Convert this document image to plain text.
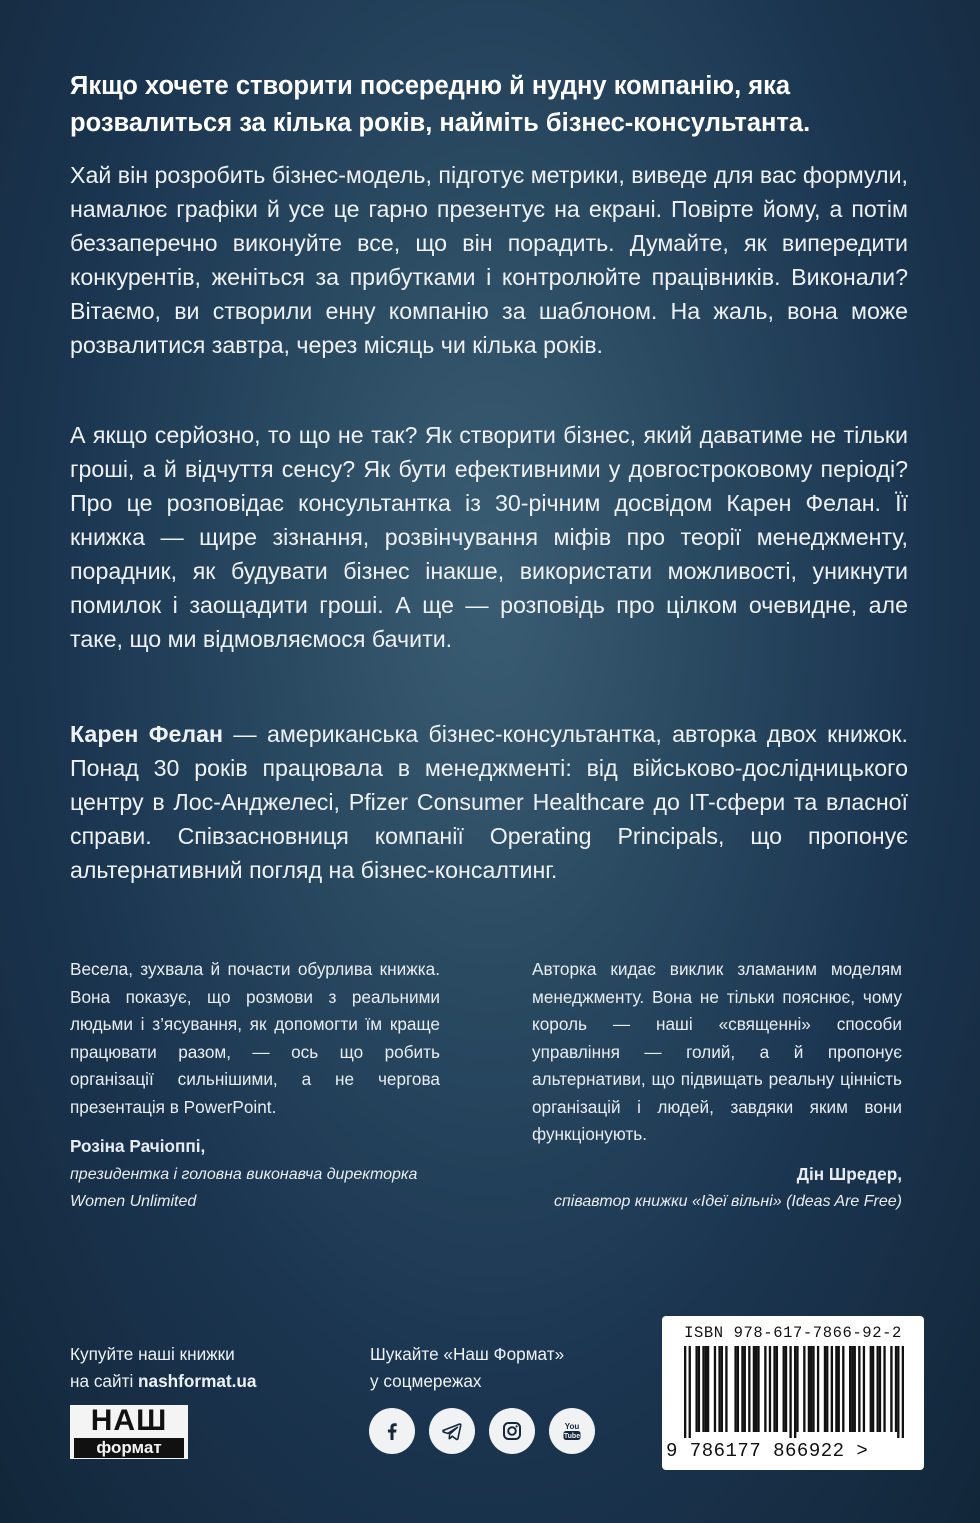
Якщо хочете створити посередню й нудну компанію, яка
розвалиться за кілька років, найміть бізнес-консультанта.

Хай він розробить бізнес-модель, підготує метрики, виведе для вас формули, намалює графіки й усе це гарно презентує на екрані. Повірте йому, а потім беззаперечно виконуйте все, що він порадить. Думайте, як випередити конкурентів, женіться за прибутками і контролюйте працівників. Виконали? Вітаємо, ви створили енну компанію за шаблоном. На жаль, вона може розвалитися завтра, через місяць чи кілька років.

А якщо серйозно, то що не так? Як створити бізнес, який даватиме не тільки гроші, а й відчуття сенсу? Як бути ефективними у довгостроковому періоді? Про це розповідає консультантка із 30-річним досвідом Карен Фелан. Її книжка — щире зізнання, розвінчування міфів про теорії менеджменту, порадник, як будувати бізнес інакше, використати можливості, уникнути помилок і заощадити гроші. А ще — розповідь про цілком очевидне, але таке, що ми відмовляємося бачити.

Карен Фелан — американська бізнес-консультантка, авторка двох книжок. Понад 30 років працювала в менеджменті: від військово-дослідницького центру в Лос-Анджелесі, Pfizer Consumer Healthcare до IT-сфери та власної справи. Співзасновниця компанії Operating Principals, що пропонує альтернативний погляд на бізнес-консалтинг.

Весела, зухвала й почасти обурлива книжка. Вона показує, що розмови з реальними людьми і з’ясування, як допомогти їм краще працювати разом, — ось що робить організації сильнішими, а не чергова презентація в PowerPoint.

Розіна Рачіоппі,

президентка і головна виконавча директорка Women Unlimited

Авторка кидає виклик зламаним моделям менеджменту. Вона не тільки пояснює, чому король — наші «священні» способи управління — голий, а й пропонує альтернативи, що підвищать реальну цінність організацій і людей, завдяки яким вони функціонують.

Дін Шредер,

співавтор книжки «Ідеї вільні» (Ideas Are Free)

Купуйте наші книжки
на сайті nashformat.ua

Шукайте «Наш Формат»
у соцмережах

НАШ
формат
You
Tube
ISBN 978-617-7866-92-2
9 786177 866922 >
